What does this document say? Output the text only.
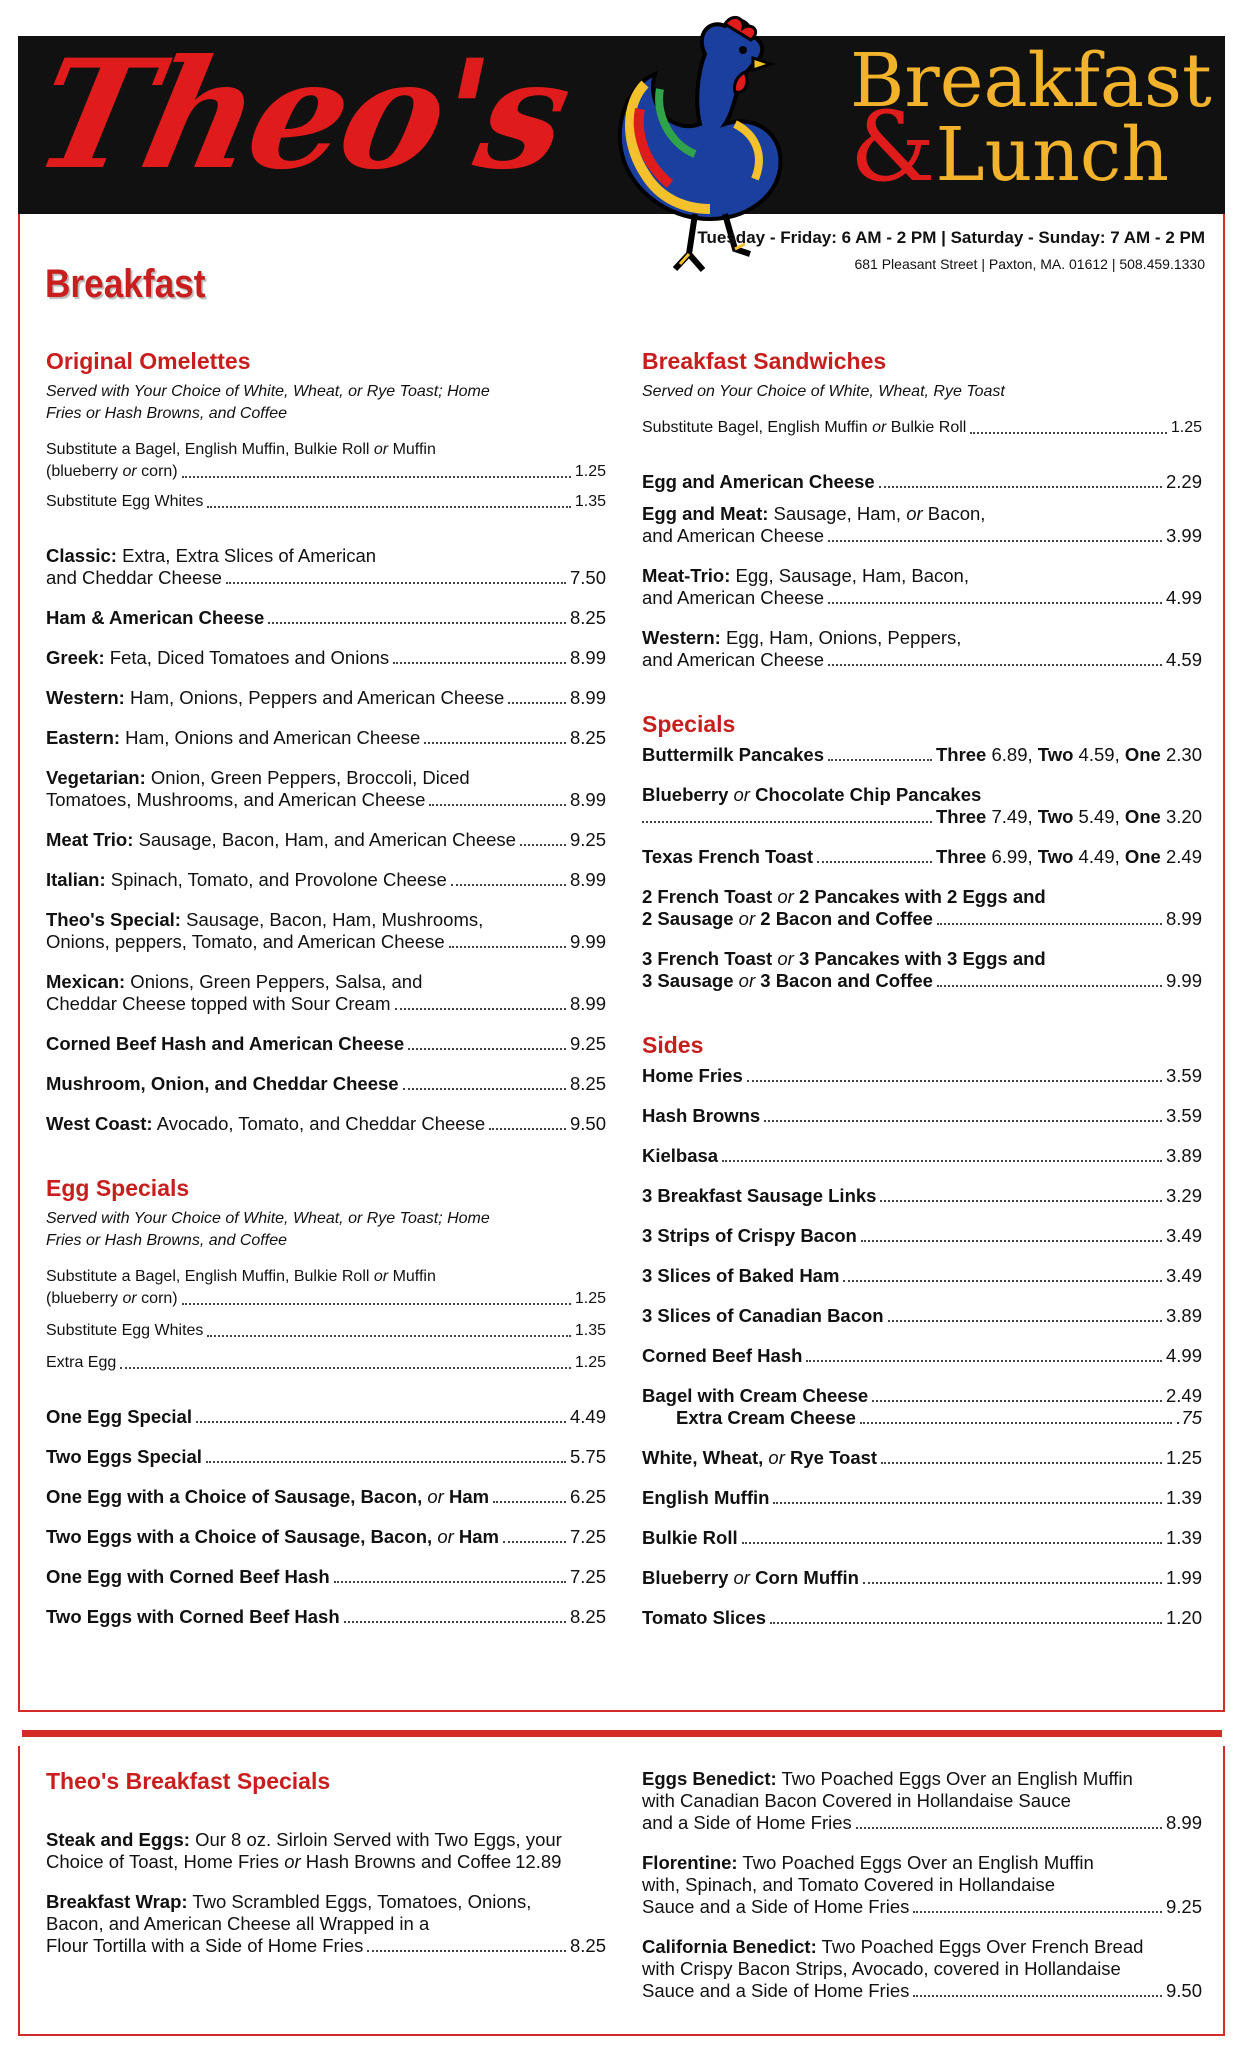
Theo's	Breakfast
&Lunch
Tuesday - Friday: 6 AM - 2 PM | Saturday - Sunday: 7 AM - 2 PM
681 Pleasant Street | Paxton, MA. 01612 | 508.459.1330
Breakfast
Original Omelettes
Served with Your Choice of White, Wheat, or Rye Toast; Home Fries or Hash Browns, and Coffee
Substitute a Bagel, English Muffin, Bulkie Roll or Muffin
(blueberry or corn)	1.25
Substitute Egg Whites	1.35
Classic: Extra, Extra Slices of American
and Cheddar Cheese	7.50
Ham & American Cheese	8.25
Greek: Feta, Diced Tomatoes and Onions	8.99
Western: Ham, Onions, Peppers and American Cheese	8.99
Eastern: Ham, Onions and American Cheese	8.25
Vegetarian: Onion, Green Peppers, Broccoli, Diced
Tomatoes, Mushrooms, and American Cheese	8.99
Meat Trio: Sausage, Bacon, Ham, and American Cheese	9.25
Italian: Spinach, Tomato, and Provolone Cheese	8.99
Theo's Special: Sausage, Bacon, Ham, Mushrooms,
Onions, peppers, Tomato, and American Cheese	9.99
Mexican: Onions, Green Peppers, Salsa, and
Cheddar Cheese topped with Sour Cream	8.99
Corned Beef Hash and American Cheese	9.25
Mushroom, Onion, and Cheddar Cheese	8.25
West Coast: Avocado, Tomato, and Cheddar Cheese	9.50
Egg Specials
Served with Your Choice of White, Wheat, or Rye Toast; Home Fries or Hash Browns, and Coffee
Substitute a Bagel, English Muffin, Bulkie Roll or Muffin
(blueberry or corn)	1.25
Substitute Egg Whites	1.35
Extra Egg	1.25
One Egg Special	4.49
Two Eggs Special	5.75
One Egg with a Choice of Sausage, Bacon, or Ham	6.25
Two Eggs with a Choice of Sausage, Bacon, or Ham	7.25
One Egg with Corned Beef Hash	7.25
Two Eggs with Corned Beef Hash	8.25
Breakfast Sandwiches
Served on Your Choice of White, Wheat, Rye Toast
Substitute Bagel, English Muffin or Bulkie Roll	1.25
Egg and American Cheese	2.29
Egg and Meat: Sausage, Ham, or Bacon,
and American Cheese	3.99
Meat-Trio: Egg, Sausage, Ham, Bacon,
and American Cheese	4.99
Western: Egg, Ham, Onions, Peppers,
and American Cheese	4.59
Specials
Buttermilk Pancakes	Three 6.89, Two 4.59, One 2.30
Blueberry or Chocolate Chip Pancakes
Three 7.49, Two 5.49, One 3.20
Texas French Toast	Three 6.99, Two 4.49, One 2.49
2 French Toast or 2 Pancakes with 2 Eggs and
2 Sausage or 2 Bacon and Coffee	8.99
3 French Toast or 3 Pancakes with 3 Eggs and
3 Sausage or 3 Bacon and Coffee	9.99
Sides
Home Fries	3.59
Hash Browns	3.59
Kielbasa	3.89
3 Breakfast Sausage Links	3.29
3 Strips of Crispy Bacon	3.49
3 Slices of Baked Ham	3.49
3 Slices of Canadian Bacon	3.89
Corned Beef Hash	4.99
Bagel with Cream Cheese	2.49
Extra Cream Cheese	.75
White, Wheat, or Rye Toast	1.25
English Muffin	1.39
Bulkie Roll	1.39
Blueberry or Corn Muffin	1.99
Tomato Slices	1.20
Theo's Breakfast Specials
Steak and Eggs: Our 8 oz. Sirloin Served with Two Eggs, your
Choice of Toast, Home Fries or Hash Browns and Coffee 12.89
Breakfast Wrap: Two Scrambled Eggs, Tomatoes, Onions,
Bacon, and American Cheese all Wrapped in a
Flour Tortilla with a Side of Home Fries	8.25
Eggs Benedict: Two Poached Eggs Over an English Muffin
with Canadian Bacon Covered in Hollandaise Sauce
and a Side of Home Fries	8.99
Florentine: Two Poached Eggs Over an English Muffin
with, Spinach, and Tomato Covered in Hollandaise
Sauce and a Side of Home Fries	9.25
California Benedict: Two Poached Eggs Over French Bread
with Crispy Bacon Strips, Avocado, covered in Hollandaise
Sauce and a Side of Home Fries	9.50
